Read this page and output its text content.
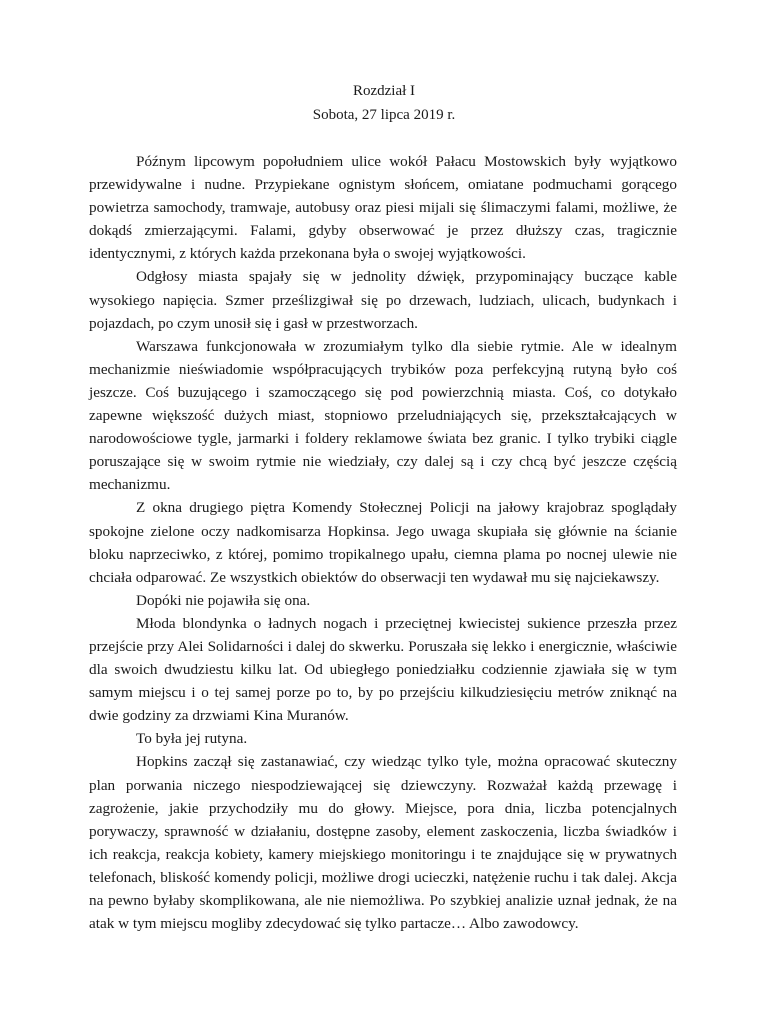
Rozdział I
Sobota, 27 lipca 2019 r.

Późnym lipcowym popołudniem ulice wokół Pałacu Mostowskich były wyjątkowo przewidywalne i nudne. Przypiekane ognistym słońcem, omiatane podmuchami gorącego powietrza samochody, tramwaje, autobusy oraz piesi mijali się ślimaczymi falami, możliwe, że dokądś zmierzającymi. Falami, gdyby obserwować je przez dłuższy czas, tragicznie identycznymi, z których każda przekonana była o swojej wyjątkowości.

Odgłosy miasta spajały się w jednolity dźwięk, przypominający buczące kable wysokiego napięcia. Szmer prześlizgiwał się po drzewach, ludziach, ulicach, budynkach i pojazdach, po czym unosił się i gasł w przestworzach.

Warszawa funkcjonowała w zrozumiałym tylko dla siebie rytmie. Ale w idealnym mechanizmie nieświadomie współpracujących trybików poza perfekcyjną rutyną było coś jeszcze. Coś buzującego i szamoczącego się pod powierzchnią miasta. Coś, co dotykało zapewne większość dużych miast, stopniowo przeludniających się, przekształcających w narodowościowe tygle, jarmarki i foldery reklamowe świata bez granic. I tylko trybiki ciągle poruszające się w swoim rytmie nie wiedziały, czy dalej są i czy chcą być jeszcze częścią mechanizmu.

Z okna drugiego piętra Komendy Stołecznej Policji na jałowy krajobraz spoglądały spokojne zielone oczy nadkomisarza Hopkinsa. Jego uwaga skupiała się głównie na ścianie bloku naprzeciwko, z której, pomimo tropikalnego upału, ciemna plama po nocnej ulewie nie chciała odparować. Ze wszystkich obiektów do obserwacji ten wydawał mu się najciekawszy.

Dopóki nie pojawiła się ona.

Młoda blondynka o ładnych nogach i przeciętnej kwiecistej sukience przeszła przez przejście przy Alei Solidarności i dalej do skwerku. Poruszała się lekko i energicznie, właściwie dla swoich dwudziestu kilku lat. Od ubiegłego poniedziałku codziennie zjawiała się w tym samym miejscu i o tej samej porze po to, by po przejściu kilkudziesięciu metrów zniknąć na dwie godziny za drzwiami Kina Muranów.

To była jej rutyna.

Hopkins zaczął się zastanawiać, czy wiedząc tylko tyle, można opracować skuteczny plan porwania niczego niespodziewającej się dziewczyny. Rozważał każdą przewagę i zagrożenie, jakie przychodziły mu do głowy. Miejsce, pora dnia, liczba potencjalnych porywaczy, sprawność w działaniu, dostępne zasoby, element zaskoczenia, liczba świadków i ich reakcja, reakcja kobiety, kamery miejskiego monitoringu i te znajdujące się w prywatnych telefonach, bliskość komendy policji, możliwe drogi ucieczki, natężenie ruchu i tak dalej. Akcja na pewno byłaby skomplikowana, ale nie niemożliwa. Po szybkiej analizie uznał jednak, że na atak w tym miejscu mogliby zdecydować się tylko partacze… Albo zawodowcy.
